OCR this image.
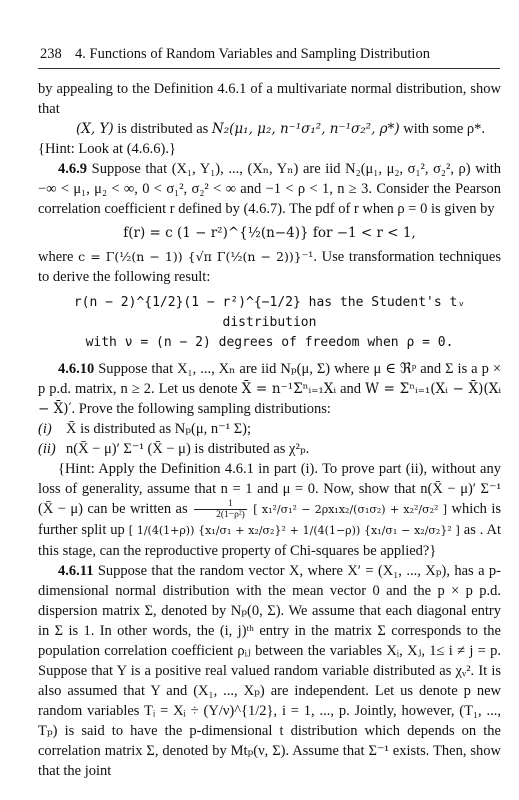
238 4. Functions of Random Variables and Sampling Distribution

by appealing to the Definition 4.6.1 of a multivariate normal distribution, show that

(X, Y) is distributed as N₂(μ₁, μ₂, n⁻¹σ₁², n⁻¹σ₂², ρ*) with some ρ*.

{Hint: Look at (4.6.6).}

4.6.9 Suppose that (X₁, Y₁), ..., (Xₙ, Yₙ) are iid N₂(μ₁, μ₂, σ₁², σ₂², ρ) with −∞ < μ₁, μ₂ < ∞, 0 < σ₁², σ₂² < ∞ and −1 < ρ < 1, n ≥ 3. Consider the Pearson correlation coefficient r defined by (4.6.7). The pdf of r when ρ = 0 is given by

f(r) = c (1 − r²)^{½(n−4)} for −1 < r < 1,

where c = Γ(½(n − 1)) {√π Γ(½(n − 2))}⁻¹. Use transformation techniques to derive the following result:

r(n − 2)^{1/2}(1 − r²)^{−1/2} has the Student's tᵥ distribution

with ν = (n − 2) degrees of freedom when ρ = 0.

4.6.10 Suppose that X₁, ..., Xₙ are iid Nₚ(μ, Σ) where μ ∈ ℜᵖ and Σ is a p × p p.d. matrix, n ≥ 2. Let us denote X̄ = n⁻¹Σⁿᵢ₌₁Xᵢ and W = Σⁿᵢ₌₁(Xᵢ − X̄)(Xᵢ − X̄)′. Prove the following sampling distributions:

(i) X̄ is distributed as Nₚ(μ, n⁻¹ Σ);
(ii) n(X̄ − μ)′ Σ⁻¹ (X̄ − μ) is distributed as χ²ₚ.

{Hint: Apply the Definition 4.6.1 in part (i). To prove part (ii), without any loss of generality, assume that n = 1 and μ = 0. Now, show that n(X̄ − μ)′ Σ⁻¹ (X̄ − μ) can be written as $\frac{1}{\text{2(1−ρ²)}}$ [ x₁²/σ₁² − 2ρx₁x₂/(σ₁σ₂) + x₂²/σ₂² ] which is further split up [ 1/(4(1+ρ)) {x₁/σ₁ + x₂/σ₂}² + 1/(4(1−ρ)) {x₁/σ₁ − x₂/σ₂}² ] as . At this stage, can the reproductive property of Chi-squares be applied?}

4.6.11 Suppose that the random vector X, where X′ = (X₁, ..., Xₚ), has a p-dimensional normal distribution with the mean vector 0 and the p × p p.d. dispersion matrix Σ, denoted by Nₚ(0, Σ). We assume that each diagonal entry in Σ is 1. In other words, the (i, j)ᵗʰ entry in the matrix Σ corresponds to the population correlation coefficient ρᵢⱼ between the variables Xᵢ, Xⱼ, 1≤ i ≠ j = p. Suppose that Y is a positive real valued random variable distributed as χᵥ². It is also assumed that Y and (X₁, ..., Xₚ) are independent. Let us denote p new random variables Tᵢ = Xᵢ ÷ (Y/ν)^{1/2}, i = 1, ..., p. Jointly, however, (T₁, ..., Tₚ) is said to have the p-dimensional t distribution which depends on the correlation matrix Σ, denoted by Mtₚ(ν, Σ). Assume that Σ⁻¹ exists. Then, show that the joint
